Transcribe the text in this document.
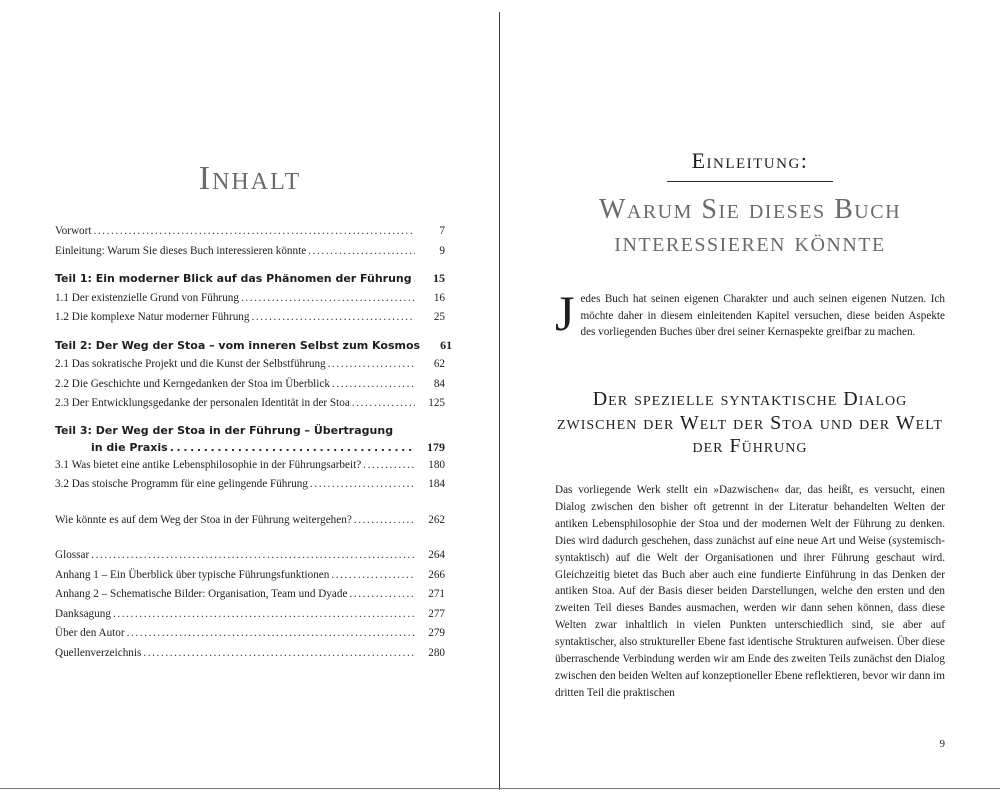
Inhalt
Vorwort . . .	7
Einleitung: Warum Sie dieses Buch interessieren könnte . . .	9
Teil 1: Ein moderner Blick auf das Phänomen der Führung . . .	15
1.1 Der existenzielle Grund von Führung . . .	16
1.2 Die komplexe Natur moderner Führung . . .	25
Teil 2: Der Weg der Stoa – vom inneren Selbst zum Kosmos	61
2.1 Das sokratische Projekt und die Kunst der Selbstführung . . .	62
2.2 Die Geschichte und Kerngedanken der Stoa im Überblick . . .	84
2.3 Der Entwicklungsgedanke der personalen Identität in der Stoa . . .	125
Teil 3: Der Weg der Stoa in der Führung – Übertragung
in die Praxis . . .	179
3.1 Was bietet eine antike Lebensphilosophie in der Führungsarbeit? . . .	180
3.2 Das stoische Programm für eine gelingende Führung . . .	184
Wie könnte es auf dem Weg der Stoa in der Führung weitergehen? . . .	262
Glossar . . .	264
Anhang 1 – Ein Überblick über typische Führungsfunktionen . . .	266
Anhang 2 – Schematische Bilder: Organisation, Team und Dyade . . .	271
Danksagung . . .	277
Über den Autor . . .	279
Quellenverzeichnis . . .	280
Einleitung:
Warum Sie dieses Buch interessieren könnte

Jedes Buch hat seinen eigenen Charakter und auch seinen eigenen Nutzen. Ich möchte daher in diesem einleitenden Kapitel versuchen, diese beiden Aspekte des vorliegenden Buches über drei seiner Kernaspekte greifbar zu machen.

Der spezielle syntaktische Dialog zwischen der Welt der Stoa und der Welt der Führung

Das vorliegende Werk stellt ein »Dazwischen« dar, das heißt, es versucht, einen Dialog zwischen den bisher oft getrennt in der Literatur behandelten Welten der antiken Lebensphilosophie der Stoa und der modernen Welt der Führung zu denken. Dies wird dadurch geschehen, dass zunächst auf eine neue Art und Weise (systemisch-syntaktisch) auf die Welt der Organisationen und ihrer Führung geschaut wird. Gleichzeitig bietet das Buch aber auch eine fundierte Einführung in das Denken der antiken Stoa. Auf der Basis dieser beiden Darstellungen, welche den ersten und den zweiten Teil dieses Bandes ausmachen, werden wir dann sehen können, dass diese Welten zwar inhaltlich in vielen Punkten unterschiedlich sind, sie aber auf syntaktischer, also struktureller Ebene fast identische Strukturen aufweisen. Über diese überraschende Verbindung werden wir am Ende des zweiten Teils zunächst den Dialog zwischen den beiden Welten auf konzeptioneller Ebene reflektieren, bevor wir dann im dritten Teil die praktischen

9
